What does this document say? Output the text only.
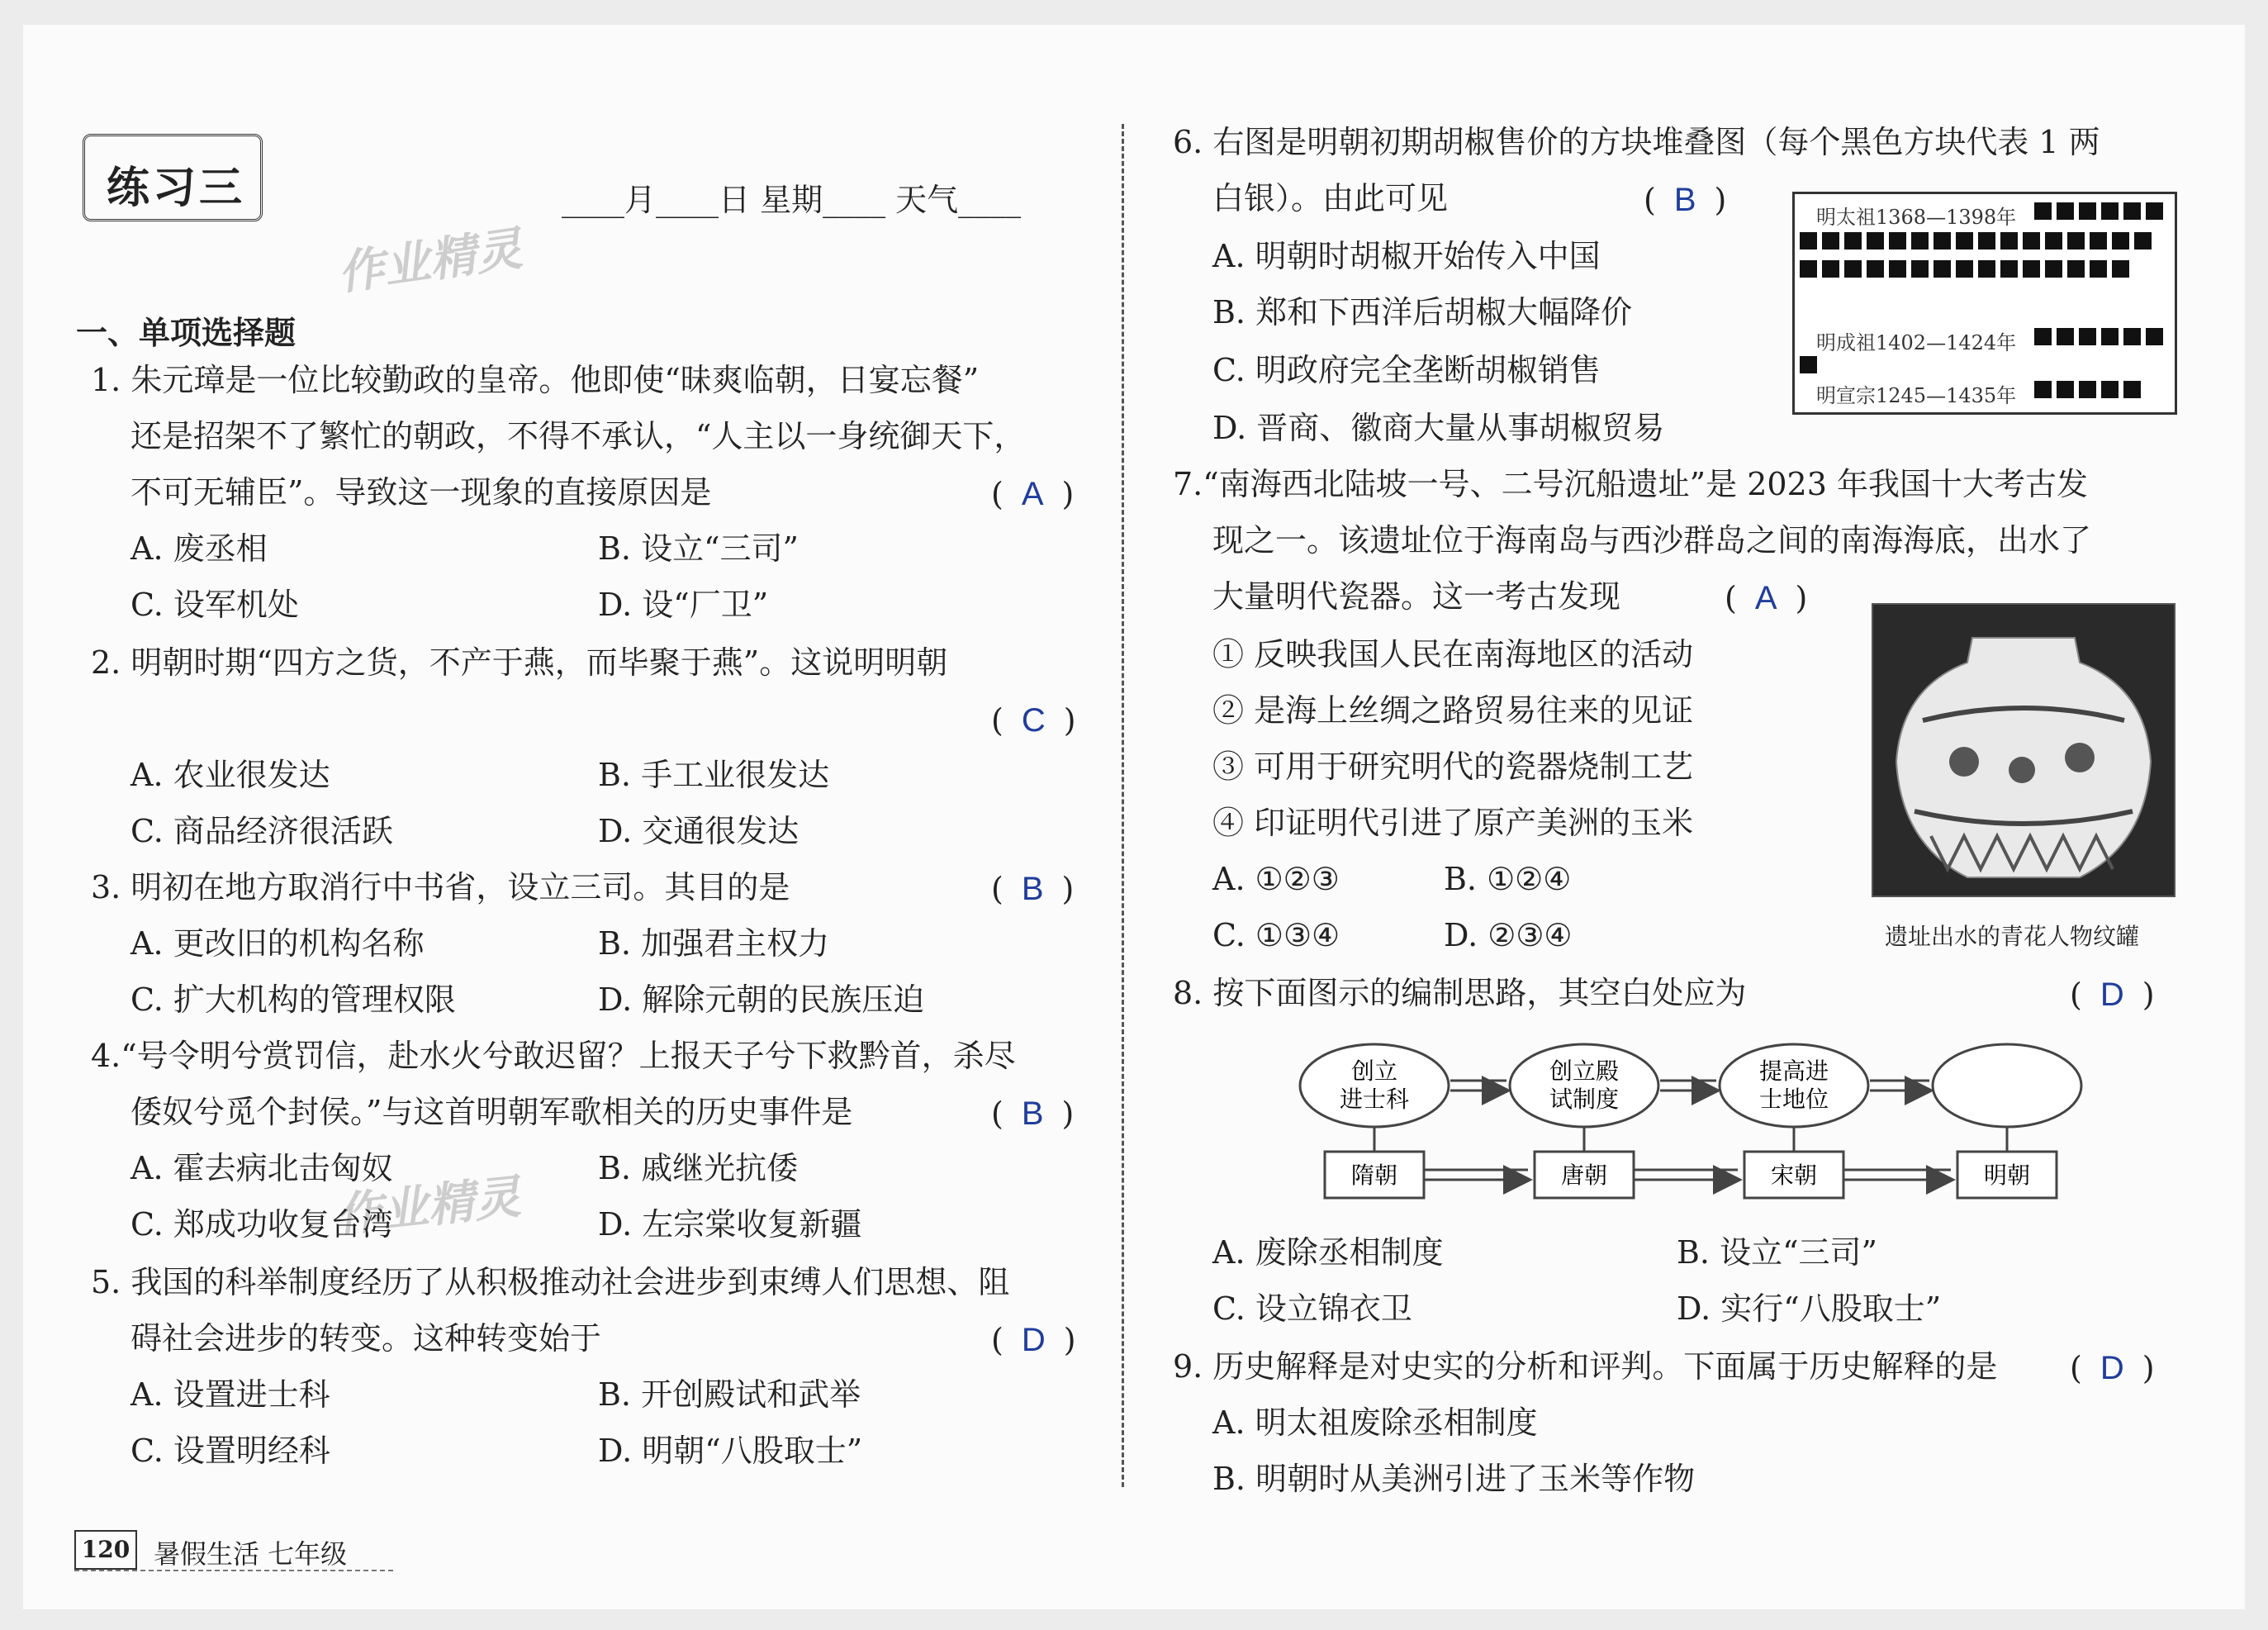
练习三	____月____日 星期____ 天气____
作业精灵
作业精灵
一、单项选择题
1. 朱元璋是一位比较勤政的皇帝。他即使“昧爽临朝，日宴忘餐”
还是招架不了繁忙的朝政，不得不承认，“人主以一身统御天下，
不可无辅臣”。导致这一现象的直接原因是	( A )
A. 废丞相	B. 设立“三司”
C. 设军机处	D. 设“厂卫”
2. 明朝时期“四方之货，不产于燕，而毕聚于燕”。这说明明朝
( C )
A. 农业很发达	B. 手工业很发达
C. 商品经济很活跃	D. 交通很发达
3. 明初在地方取消行中书省，设立三司。其目的是	( B )
A. 更改旧的机构名称	B. 加强君主权力
C. 扩大机构的管理权限	D. 解除元朝的民族压迫
4.“号令明兮赏罚信，赴水火兮敢迟留？上报天子兮下救黔首，杀尽
倭奴兮觅个封侯。”与这首明朝军歌相关的历史事件是	( B )
A. 霍去病北击匈奴	B. 戚继光抗倭
C. 郑成功收复台湾	D. 左宗棠收复新疆
5. 我国的科举制度经历了从积极推动社会进步到束缚人们思想、阻
碍社会进步的转变。这种转变始于	( D )
A. 设置进士科	B. 开创殿试和武举
C. 设置明经科	D. 明朝“八股取士”
120 暑假生活 七年级
6. 右图是明朝初期胡椒售价的方块堆叠图（每个黑色方块代表 1 两
白银）。由此可见	( B )
A. 明朝时胡椒开始传入中国
B. 郑和下西洋后胡椒大幅降价
C. 明政府完全垄断胡椒销售
D. 晋商、徽商大量从事胡椒贸易
明太祖1368—1398年
明成祖1402—1424年
明宣宗1245—1435年
7.“南海西北陆坡一号、二号沉船遗址”是 2023 年我国十大考古发
现之一。该遗址位于海南岛与西沙群岛之间的南海海底，出水了
大量明代瓷器。这一考古发现	( A )
① 反映我国人民在南海地区的活动
② 是海上丝绸之路贸易往来的见证
③ 可用于研究明代的瓷器烧制工艺
④ 印证明代引进了原产美洲的玉米
A. ①②③	B. ①②④
C. ①③④	D. ②③④	遗址出水的青花人物纹罐
8. 按下面图示的编制思路，其空白处应为	( D )
创立
进士科
创立殿
试制度
提高进
士地位
隋朝	唐朝	宋朝	明朝
A. 废除丞相制度	B. 设立“三司”
C. 设立锦衣卫	D. 实行“八股取士”
9. 历史解释是对史实的分析和评判。下面属于历史解释的是 ( D )
A. 明太祖废除丞相制度
B. 明朝时从美洲引进了玉米等作物
